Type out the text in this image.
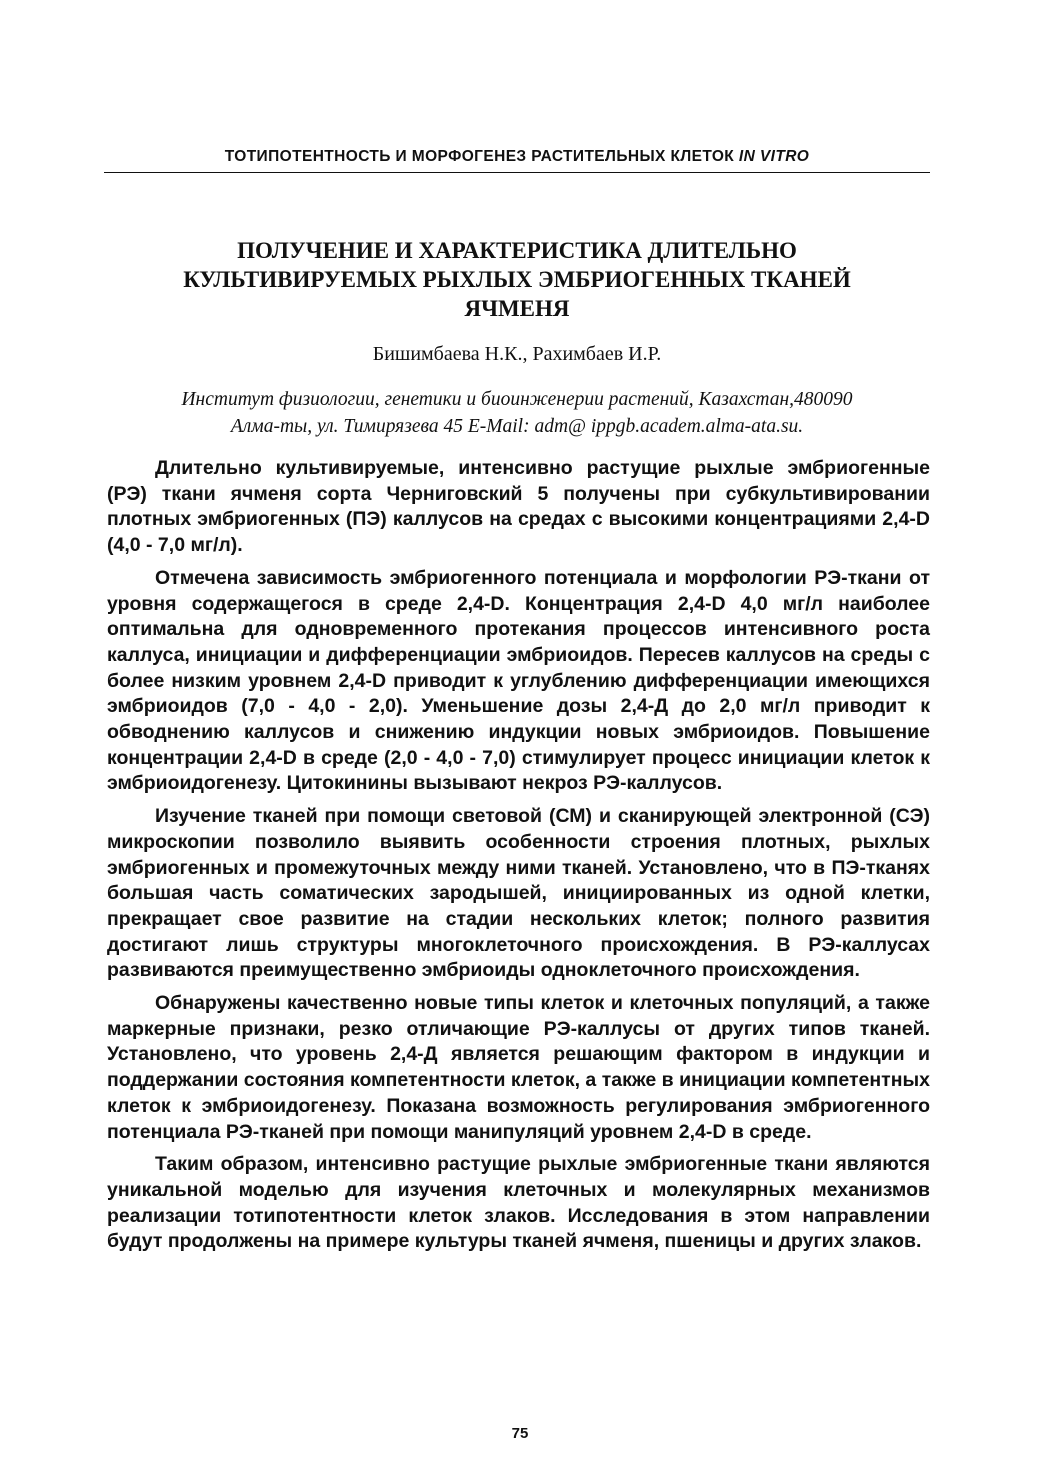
ТОТИПОТЕНТНОСТЬ И МОРФОГЕНЕЗ РАСТИТЕЛЬНЫХ КЛЕТОК IN VITRO
ПОЛУЧЕНИЕ И ХАРАКТЕРИСТИКА ДЛИТЕЛЬНО
КУЛЬТИВИРУЕМЫХ РЫХЛЫХ ЭМБРИОГЕННЫХ ТКАНЕЙ
ЯЧМЕНЯ
Бишимбаева Н.К., Рахимбаев И.Р.
Институт физиологии, генетики и биоинженерии растений, Казахстан,480090
Алма-ты, ул. Тимирязева 45 E-Mail: adm@ ippgb.academ.alma-ata.su.

Длительно культивируемые, интенсивно растущие рыхлые эмбриогенные (РЭ) ткани ячменя сорта Черниговский 5 получены при субкультивировании плотных эмбриогенных (ПЭ) каллусов на средах с высокими концентрациями 2,4-D (4,0 - 7,0 мг/л).

Отмечена зависимость эмбриогенного потенциала и морфологии РЭ-ткани от уровня содержащегося в среде 2,4-D. Концентрация 2,4-D 4,0 мг/л наиболее оптимальна для одновременного протекания процессов интенсивного роста каллуса, инициации и дифференциации эмбриоидов. Пересев каллусов на среды с более низким уровнем 2,4-D приводит к углублению дифференциации имеющихся эмбриоидов (7,0 - 4,0 - 2,0). Уменьшение дозы 2,4-Д до 2,0 мг/л приводит к обводнению каллусов и снижению индукции новых эмбриоидов. Повышение концентрации 2,4-D в среде (2,0 - 4,0 - 7,0) стимулирует процесс инициации клеток к эмбриоидогенезу. Цитокинины вызывают некроз РЭ-каллусов.

Изучение тканей при помощи световой (СМ) и сканирующей электронной (СЭ) микроскопии позволило выявить особенности строения плотных, рыхлых эмбриогенных и промежуточных между ними тканей. Установлено, что в ПЭ-тканях большая часть соматических зародышей, инициированных из одной клетки, прекращает свое развитие на стадии нескольких клеток; полного развития достигают лишь структуры многоклеточного происхождения. В РЭ-каллусах развиваются преимущественно эмбриоиды одноклеточного происхождения.

Обнаружены качественно новые типы клеток и клеточных популяций, а также маркерные признаки, резко отличающие РЭ-каллусы от других типов тканей. Установлено, что уровень 2,4-Д является решающим фактором в индукции и поддержании состояния компетентности клеток, а также в инициации компетентных клеток к эмбриоидогенезу. Показана возможность регулирования эмбриогенного потенциала РЭ-тканей при помощи манипуляций уровнем 2,4-D в среде.

Таким образом, интенсивно растущие рыхлые эмбриогенные ткани являются уникальной моделью для изучения клеточных и молекулярных механизмов реализации тотипотентности клеток злаков. Исследования в этом направлении будут продолжены на примере культуры тканей ячменя, пшеницы и других злаков.

75
